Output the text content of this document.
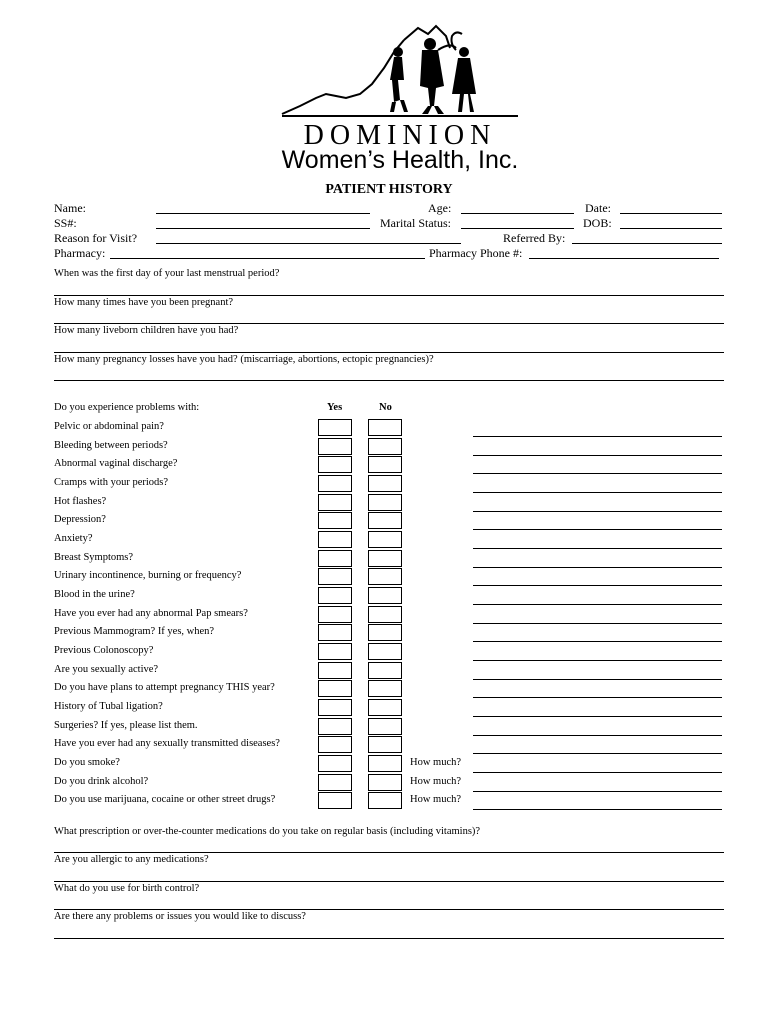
DOMINION
Women’s Health, Inc.
PATIENT HISTORY
Name:	Age:	Date:
SS#:	Marital Status:	DOB:
Reason for Visit?	Referred By:
Pharmacy:	Pharmacy Phone #:
When was the first day of your last menstrual period?
How many times have you been pregnant?
How many liveborn children have you had?
How many pregnancy losses have you had? (miscarriage, abortions, ectopic pregnancies)?
Do you experience problems with:	Yes	No
Pelvic or abdominal pain?
Bleeding between periods?
Abnormal vaginal discharge?
Cramps with your periods?
Hot flashes?
Depression?
Anxiety?
Breast Symptoms?
Urinary incontinence, burning or frequency?
Blood in the urine?
Have you ever had any abnormal Pap smears?
Previous Mammogram? If yes, when?
Previous Colonoscopy?
Are you sexually active?
Do you have plans to attempt pregnancy THIS year?
History of Tubal ligation?
Surgeries? If yes, please list them.
Have you ever had any sexually transmitted diseases?
Do you smoke?	How much?
Do you drink alcohol?	How much?
Do you use marijuana, cocaine or other street drugs?	How much?
What prescription or over-the-counter medications do you take on regular basis (including vitamins)?
Are you allergic to any medications?
What do you use for birth control?
Are there any problems or issues you would like to discuss?
